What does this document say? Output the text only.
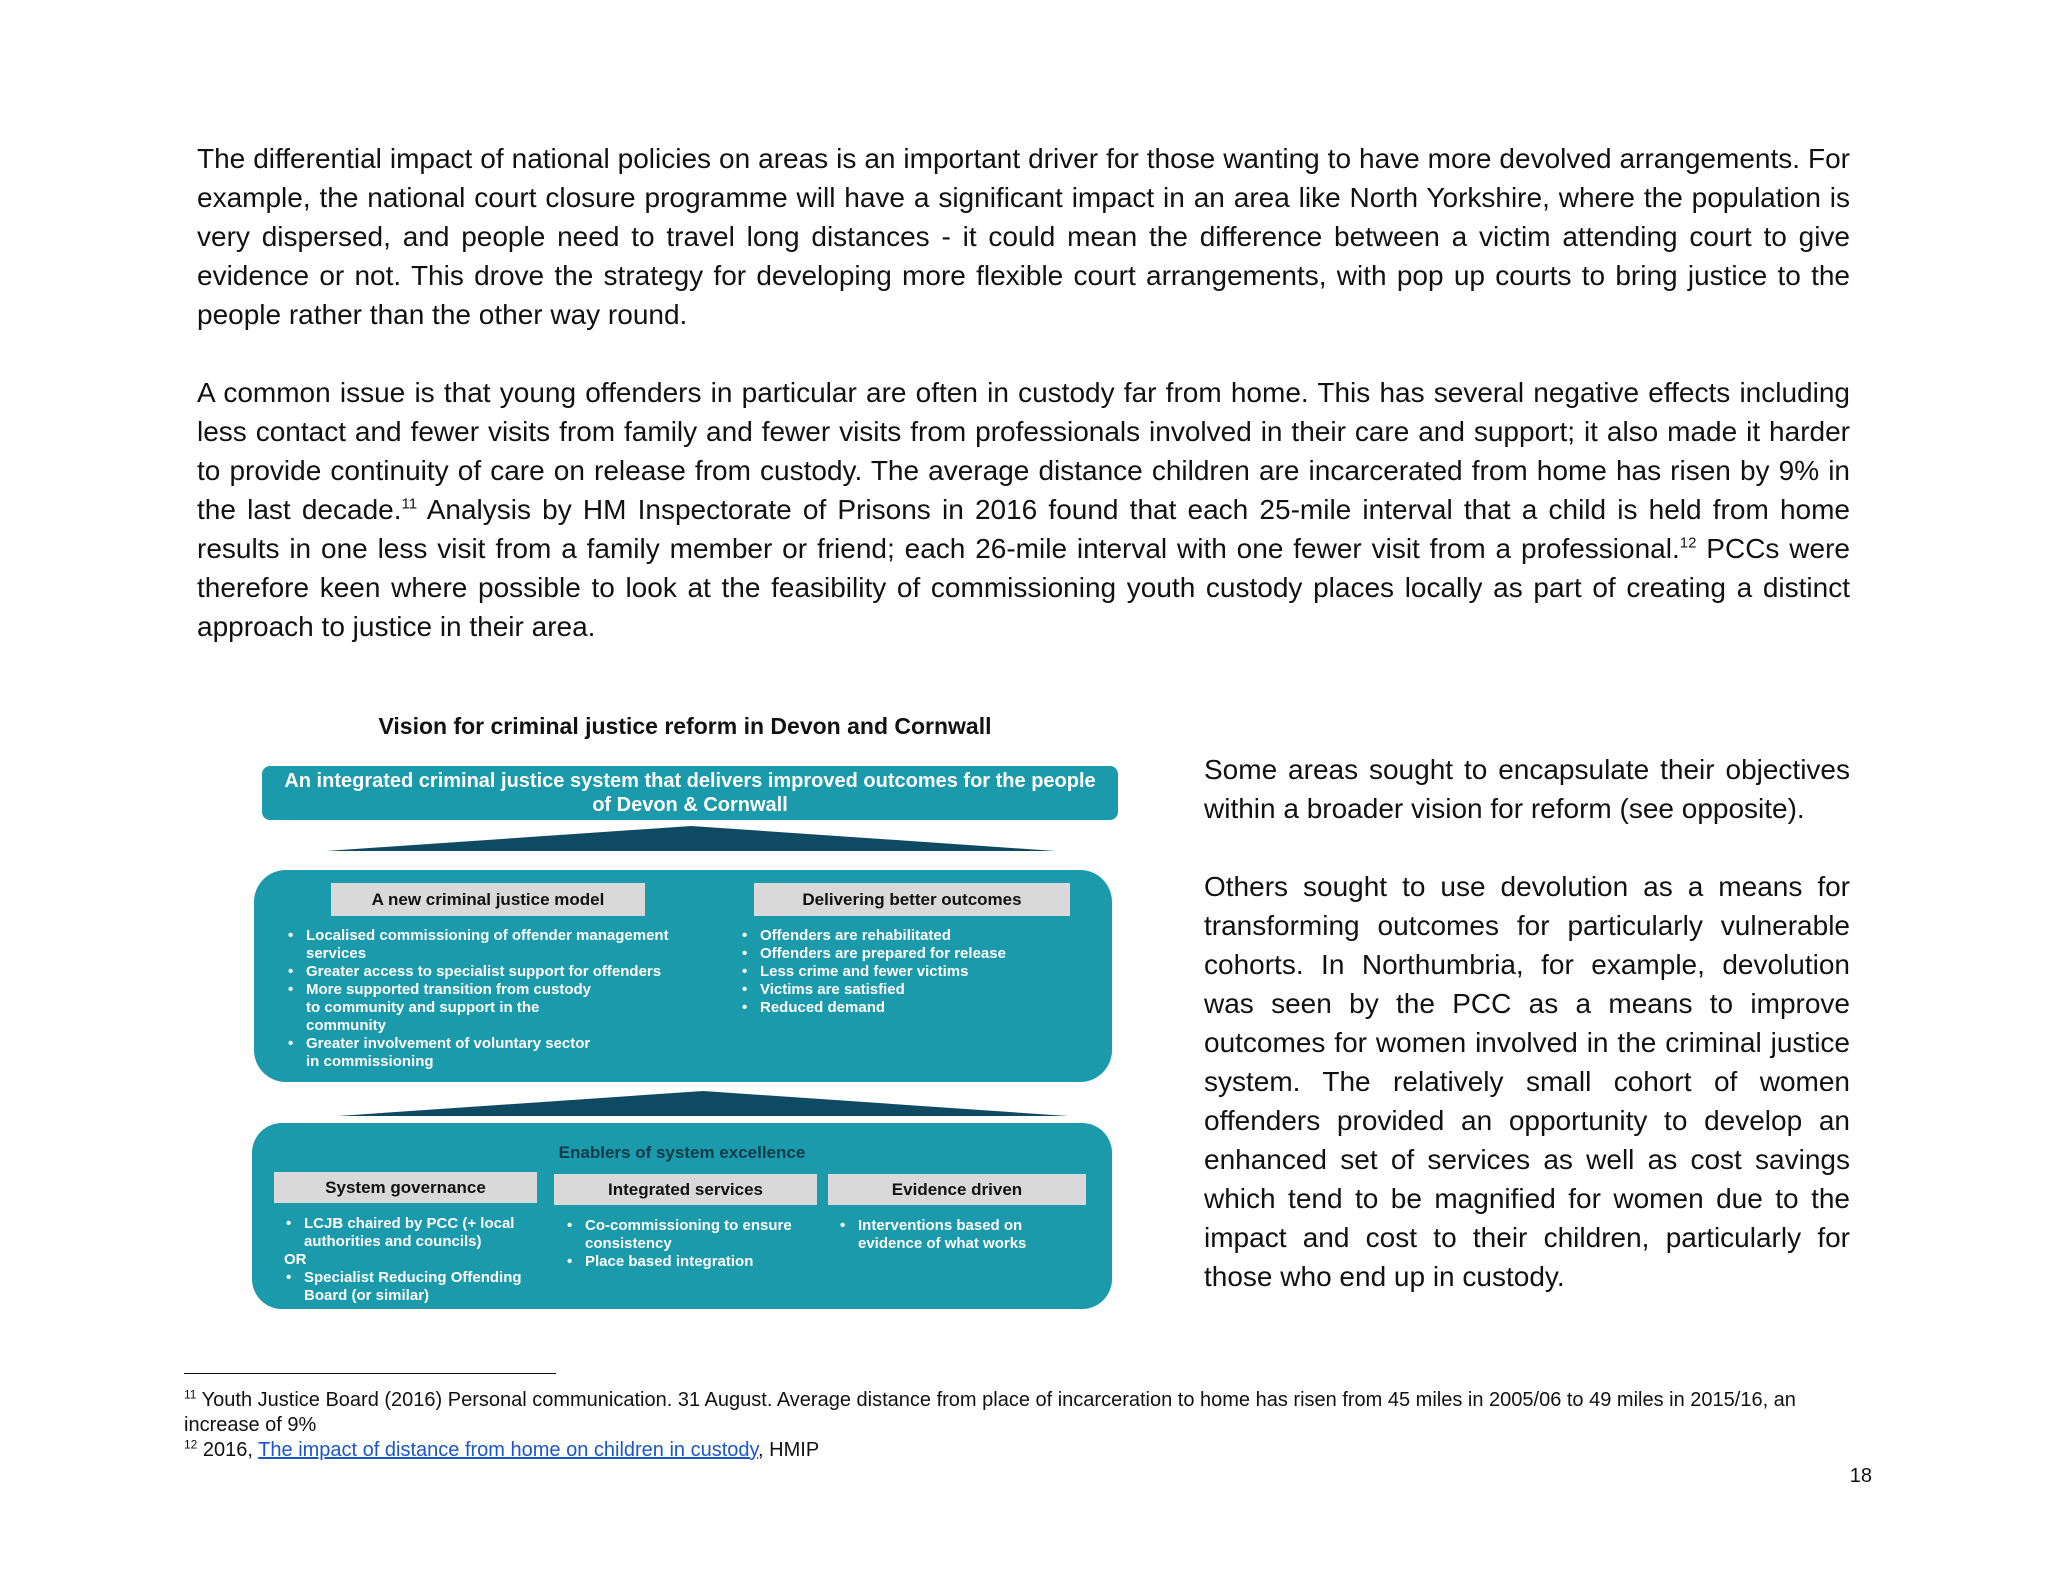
The differential impact of national policies on areas is an important driver for those wanting to have more devolved arrangements. For example, the national court closure programme will have a significant impact in an area like North Yorkshire, where the population is very dispersed, and people need to travel long distances - it could mean the difference between a victim attending court to give evidence or not. This drove the strategy for developing more flexible court arrangements, with pop up courts to bring justice to the people rather than the other way round.

A common issue is that young offenders in particular are often in custody far from home. This has several negative effects including less contact and fewer visits from family and fewer visits from professionals involved in their care and support; it also made it harder to provide continuity of care on release from custody. The average distance children are incarcerated from home has risen by 9% in the last decade.$^{11}$ Analysis by HM Inspectorate of Prisons in 2016 found that each 25-mile interval that a child is held from home results in one less visit from a family member or friend; each 26-mile interval with one fewer visit from a professional.$^{12}$ PCCs were therefore keen where possible to look at the feasibility of commissioning youth custody places locally as part of creating a distinct approach to justice in their area.

Vision for criminal justice reform in Devon and Cornwall

An integrated criminal justice system that delivers improved outcomes for the people of Devon & Cornwall
A new criminal justice model	Delivering better outcomes
• Localised commissioning of offender management services
• Greater access to specialist support for offenders
• More supported transition from custody to community and support in the community
• Greater involvement of voluntary sector in commissioning
• Offenders are rehabilitated
• Offenders are prepared for release
• Less crime and fewer victims
• Victims are satisfied
• Reduced demand
Enablers of system excellence
System governance	Integrated services	Evidence driven
• LCJB chaired by PCC (+ local authorities and councils)
OR
• Specialist Reducing Offending Board (or similar)
• Co-commissioning to ensure consistency
• Place based integration
• Interventions based on evidence of what works

Some areas sought to encapsulate their objectives within a broader vision for reform (see opposite).

Others sought to use devolution as a means for transforming outcomes for particularly vulnerable cohorts. In Northumbria, for example, devolution was seen by the PCC as a means to improve outcomes for women involved in the criminal justice system. The relatively small cohort of women offenders provided an opportunity to develop an enhanced set of services as well as cost savings which tend to be magnified for women due to the impact and cost to their children, particularly for those who end up in custody.

$^{11}$ Youth Justice Board (2016) Personal communication. 31 August. Average distance from place of incarceration to home has risen from 45 miles in 2005/06 to 49 miles in 2015/16, an increase of 9%

$^{12}$ 2016, The impact of distance from home on children in custody, HMIP

18
